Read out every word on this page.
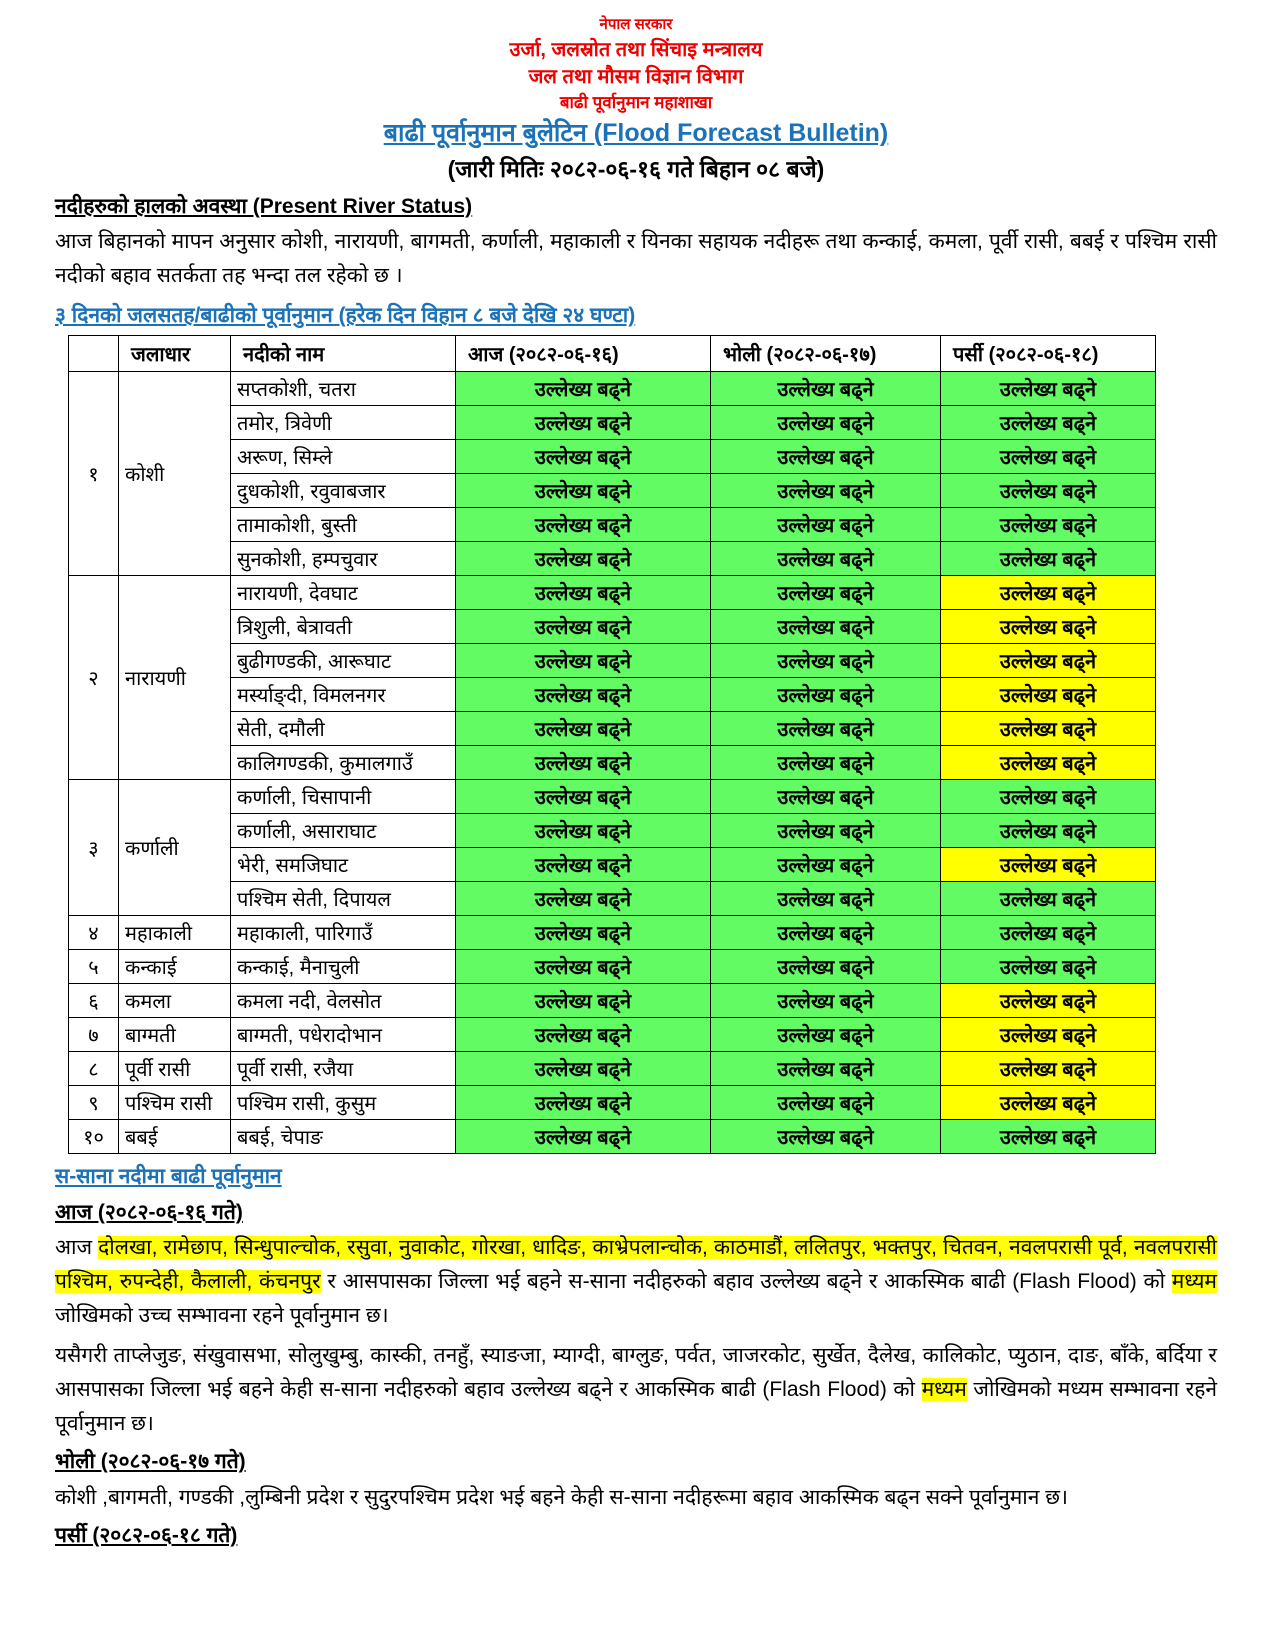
नेपाल सरकार
उर्जा, जलस्रोत तथा सिंचाइ मन्त्रालय
जल तथा मौसम विज्ञान विभाग
बाढी पूर्वानुमान महाशाखा
बाढी पूर्वानुमान बुलेटिन (Flood Forecast Bulletin)
(जारी मितिः २०८२-०६-१६ गते बिहान ०८ बजे)
नदीहरुको हालको अवस्था (Present River Status)

आज बिहानको मापन अनुसार कोशी, नारायणी, बागमती, कर्णाली, महाकाली र यिनका सहायक नदीहरू तथा कन्काई, कमला, पूर्वी रासी, बबई र पश्चिम रासी नदीको बहाव सतर्कता तह भन्दा तल रहेको छ ।

३ दिनको जलसतह/बाढीको पूर्वानुमान (हरेक दिन विहान ८ बजे देखि २४ घण्टा)
	जलाधार	नदीको नाम	आज (२०८२-०६-१६)	भोली (२०८२-०६-१७)	पर्सी (२०८२-०६-१८)
१	कोशी	सप्तकोशी, चतरा	उल्लेख्य बढ्ने	उल्लेख्य बढ्ने	उल्लेख्य बढ्ने
		तमोर, त्रिवेणी	उल्लेख्य बढ्ने	उल्लेख्य बढ्ने	उल्लेख्य बढ्ने
		अरूण, सिम्ले	उल्लेख्य बढ्ने	उल्लेख्य बढ्ने	उल्लेख्य बढ्ने
		दुधकोशी, रवुवाबजार	उल्लेख्य बढ्ने	उल्लेख्य बढ्ने	उल्लेख्य बढ्ने
		तामाकोशी, बुस्ती	उल्लेख्य बढ्ने	उल्लेख्य बढ्ने	उल्लेख्य बढ्ने
		सुनकोशी, हम्पचुवार	उल्लेख्य बढ्ने	उल्लेख्य बढ्ने	उल्लेख्य बढ्ने
२	नारायणी	नारायणी, देवघाट	उल्लेख्य बढ्ने	उल्लेख्य बढ्ने	उल्लेख्य बढ्ने
		त्रिशुली, बेत्रावती	उल्लेख्य बढ्ने	उल्लेख्य बढ्ने	उल्लेख्य बढ्ने
		बुढीगण्डकी, आरूघाट	उल्लेख्य बढ्ने	उल्लेख्य बढ्ने	उल्लेख्य बढ्ने
		मर्स्याङ्दी, विमलनगर	उल्लेख्य बढ्ने	उल्लेख्य बढ्ने	उल्लेख्य बढ्ने
		सेती, दमौली	उल्लेख्य बढ्ने	उल्लेख्य बढ्ने	उल्लेख्य बढ्ने
		कालिगण्डकी, कुमालगाउँ	उल्लेख्य बढ्ने	उल्लेख्य बढ्ने	उल्लेख्य बढ्ने
३	कर्णाली	कर्णाली, चिसापानी	उल्लेख्य बढ्ने	उल्लेख्य बढ्ने	उल्लेख्य बढ्ने
		कर्णाली, असाराघाट	उल्लेख्य बढ्ने	उल्लेख्य बढ्ने	उल्लेख्य बढ्ने
		भेरी, समजिघाट	उल्लेख्य बढ्ने	उल्लेख्य बढ्ने	उल्लेख्य बढ्ने
		पश्चिम सेती, दिपायल	उल्लेख्य बढ्ने	उल्लेख्य बढ्ने	उल्लेख्य बढ्ने
४	महाकाली	महाकाली, पारिगाउँ	उल्लेख्य बढ्ने	उल्लेख्य बढ्ने	उल्लेख्य बढ्ने
५	कन्काई	कन्काई, मैनाचुली	उल्लेख्य बढ्ने	उल्लेख्य बढ्ने	उल्लेख्य बढ्ने
६	कमला	कमला नदी, वेलसोत	उल्लेख्य बढ्ने	उल्लेख्य बढ्ने	उल्लेख्य बढ्ने
७	बाग्मती	बाग्मती, पधेरादोभान	उल्लेख्य बढ्ने	उल्लेख्य बढ्ने	उल्लेख्य बढ्ने
८	पूर्वी रासी	पूर्वी रासी, रजैया	उल्लेख्य बढ्ने	उल्लेख्य बढ्ने	उल्लेख्य बढ्ने
९	पश्चिम रासी	पश्चिम रासी, कुसुम	उल्लेख्य बढ्ने	उल्लेख्य बढ्ने	उल्लेख्य बढ्ने
१०	बबई	बबई, चेपाङ	उल्लेख्य बढ्ने	उल्लेख्य बढ्ने	उल्लेख्य बढ्ने
स-साना नदीमा बाढी पूर्वानुमान
आज (२०८२-०६-१६ गते)

आज दोलखा, रामेछाप, सिन्धुपाल्चोक, रसुवा, नुवाकोट, गोरखा, धादिङ, काभ्रेपलान्चोक, काठमाडौं, ललितपुर, भक्तपुर, चितवन, नवलपरासी पूर्व, नवलपरासी पश्चिम, रुपन्देही, कैलाली, कंचनपुर र आसपासका जिल्ला भई बहने स-साना नदीहरुको बहाव उल्लेख्य बढ्ने र आकस्मिक बाढी (Flash Flood) को मध्यम जोखिमको उच्च सम्भावना रहने पूर्वानुमान छ।

यसैगरी ताप्लेजुङ, संखुवासभा, सोलुखुम्बु, कास्की, तनहुँ, स्याङजा, म्याग्दी, बाग्लुङ, पर्वत, जाजरकोट, सुर्खेत, दैलेख, कालिकोट, प्युठान, दाङ, बाँके, बर्दिया र आसपासका जिल्ला भई बहने केही स-साना नदीहरुको बहाव उल्लेख्य बढ्ने र आकस्मिक बाढी (Flash Flood) को मध्यम जोखिमको मध्यम सम्भावना रहने पूर्वानुमान छ।

भोली (२०८२-०६-१७ गते)

कोशी ,बागमती, गण्डकी ,लुम्बिनी प्रदेश र सुदुरपश्चिम प्रदेश भई बहने केही स-साना नदीहरूमा बहाव आकस्मिक बढ्न सक्ने पूर्वानुमान छ।

पर्सी (२०८२-०६-१८ गते)
